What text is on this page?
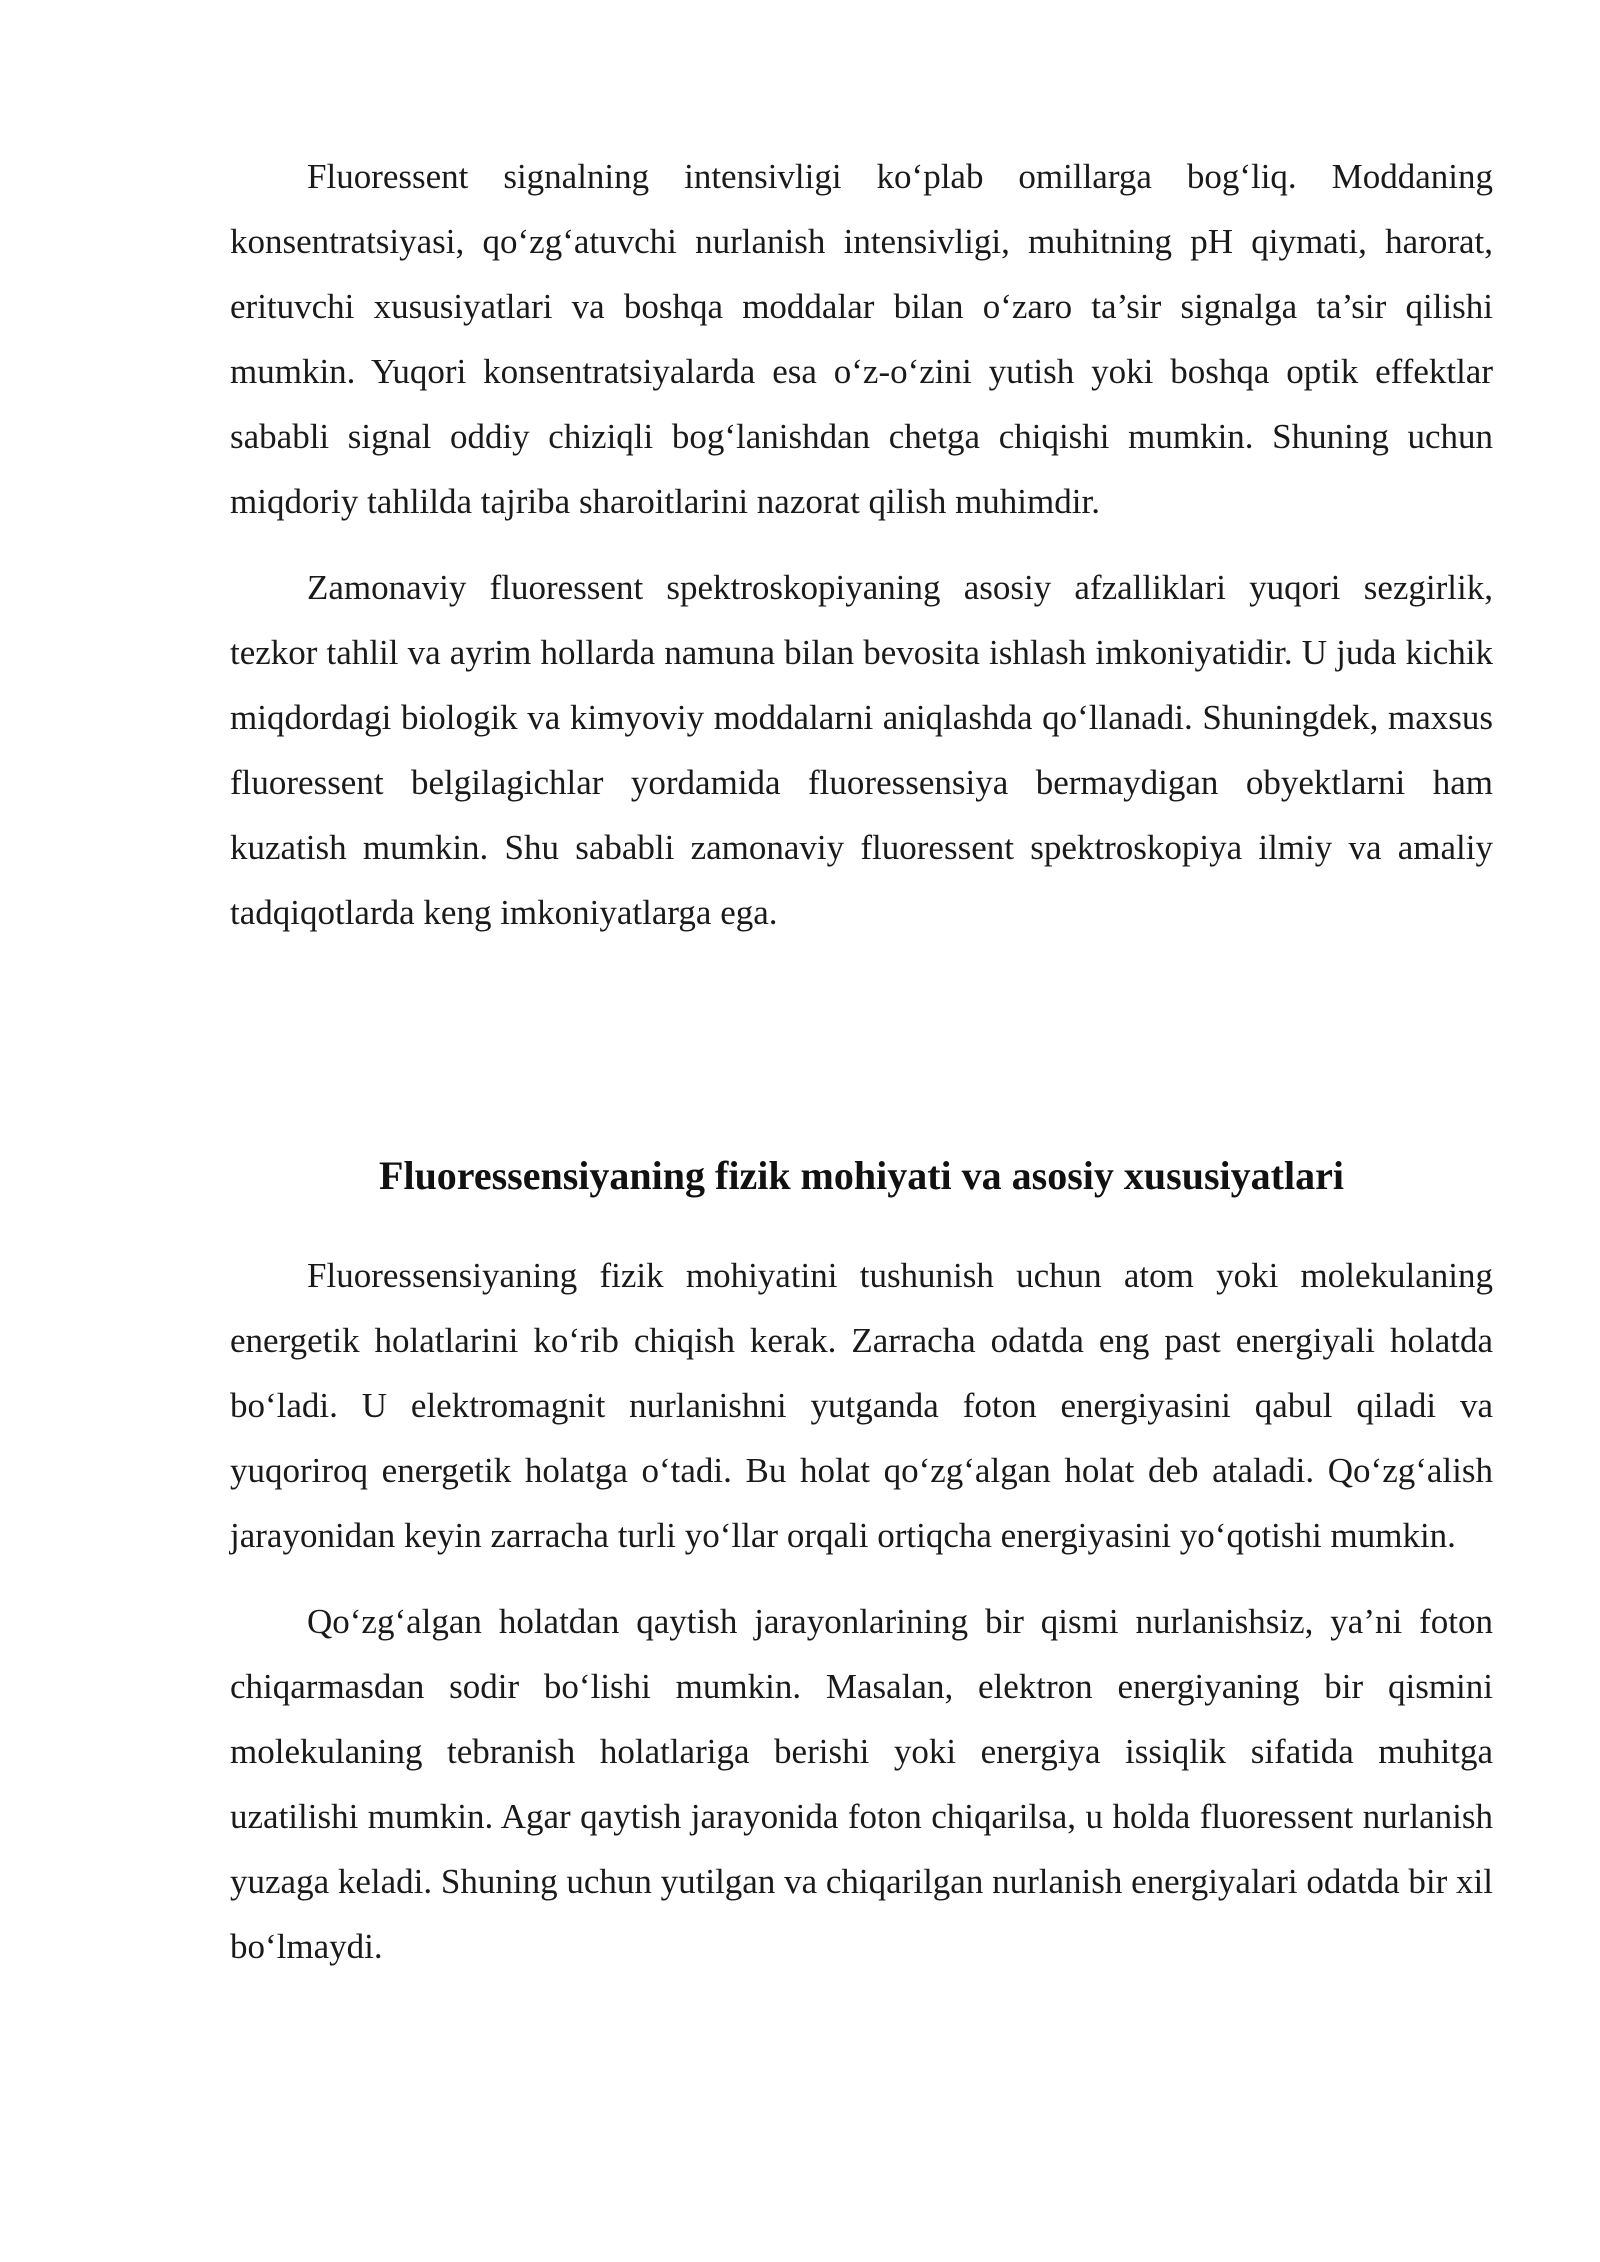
Fluoressent signalning intensivligi ko‘plab omillarga bog‘liq. Moddaning konsentratsiyasi, qo‘zg‘atuvchi nurlanish intensivligi, muhitning pH qiymati, harorat, erituvchi xususiyatlari va boshqa moddalar bilan o‘zaro ta’sir signalga ta’sir qilishi mumkin. Yuqori konsentratsiyalarda esa o‘z-o‘zini yutish yoki boshqa optik effektlar sababli signal oddiy chiziqli bog‘lanishdan chetga chiqishi mumkin. Shuning uchun miqdoriy tahlilda tajriba sharoitlarini nazorat qilish muhimdir.

Zamonaviy fluoressent spektroskopiyaning asosiy afzalliklari yuqori sezgirlik, tezkor tahlil va ayrim hollarda namuna bilan bevosita ishlash imkoniyatidir. U juda kichik miqdordagi biologik va kimyoviy moddalarni aniqlashda qo‘llanadi. Shuningdek, maxsus fluoressent belgilagichlar yordamida fluoressensiya bermaydigan obyektlarni ham kuzatish mumkin. Shu sababli zamonaviy fluoressent spektroskopiya ilmiy va amaliy tadqiqotlarda keng imkoniyatlarga ega.

Fluoressensiyaning fizik mohiyati va asosiy xususiyatlari

Fluoressensiyaning fizik mohiyatini tushunish uchun atom yoki molekulaning energetik holatlarini ko‘rib chiqish kerak. Zarracha odatda eng past energiyali holatda bo‘ladi. U elektromagnit nurlanishni yutganda foton energiyasini qabul qiladi va yuqoriroq energetik holatga o‘tadi. Bu holat qo‘zg‘algan holat deb ataladi. Qo‘zg‘alish jarayonidan keyin zarracha turli yo‘llar orqali ortiqcha energiyasini yo‘qotishi mumkin.

Qo‘zg‘algan holatdan qaytish jarayonlarining bir qismi nurlanishsiz, ya’ni foton chiqarmasdan sodir bo‘lishi mumkin. Masalan, elektron energiyaning bir qismini molekulaning tebranish holatlariga berishi yoki energiya issiqlik sifatida muhitga uzatilishi mumkin. Agar qaytish jarayonida foton chiqarilsa, u holda fluoressent nurlanish yuzaga keladi. Shuning uchun yutilgan va chiqarilgan nurlanish energiyalari odatda bir xil bo‘lmaydi.
